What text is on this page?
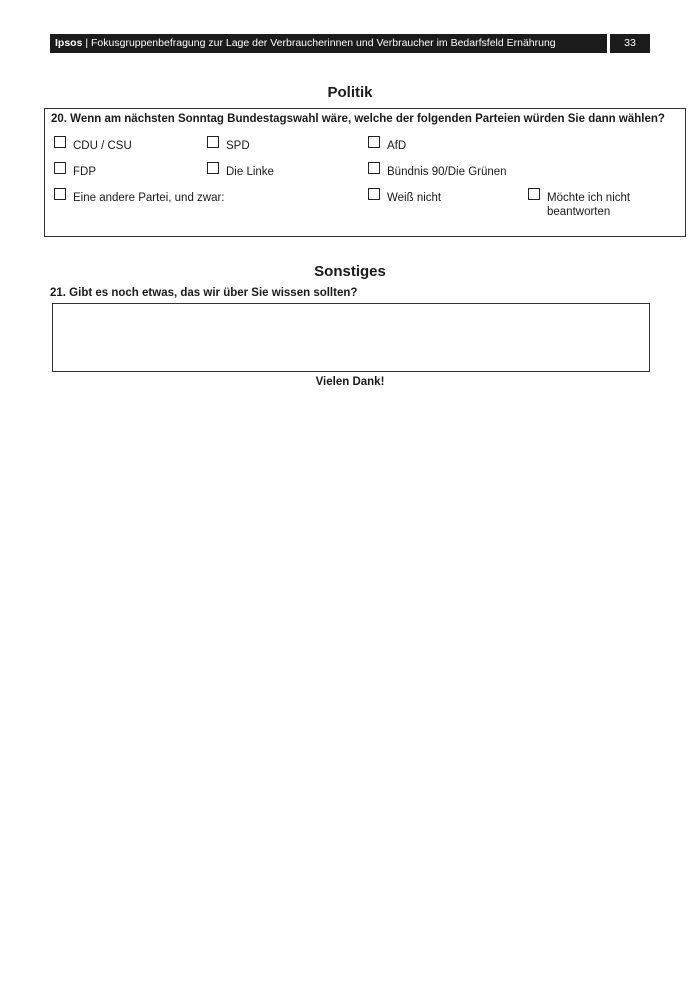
Ipsos | Fokusgruppenbefragung zur Lage der Verbraucherinnen und Verbraucher im Bedarfsfeld Ernährung	33
Politik
20. Wenn am nächsten Sonntag Bundestagswahl wäre, welche der folgenden Parteien würden Sie dann wählen?
CDU / CSU	SPD	AfD
FDP	Die Linke	Bündnis 90/Die Grünen
Eine andere Partei, und zwar:	Weiß nicht	Möchte ich nicht beantworten
Sonstiges
21. Gibt es noch etwas, das wir über Sie wissen sollten?
Vielen Dank!
